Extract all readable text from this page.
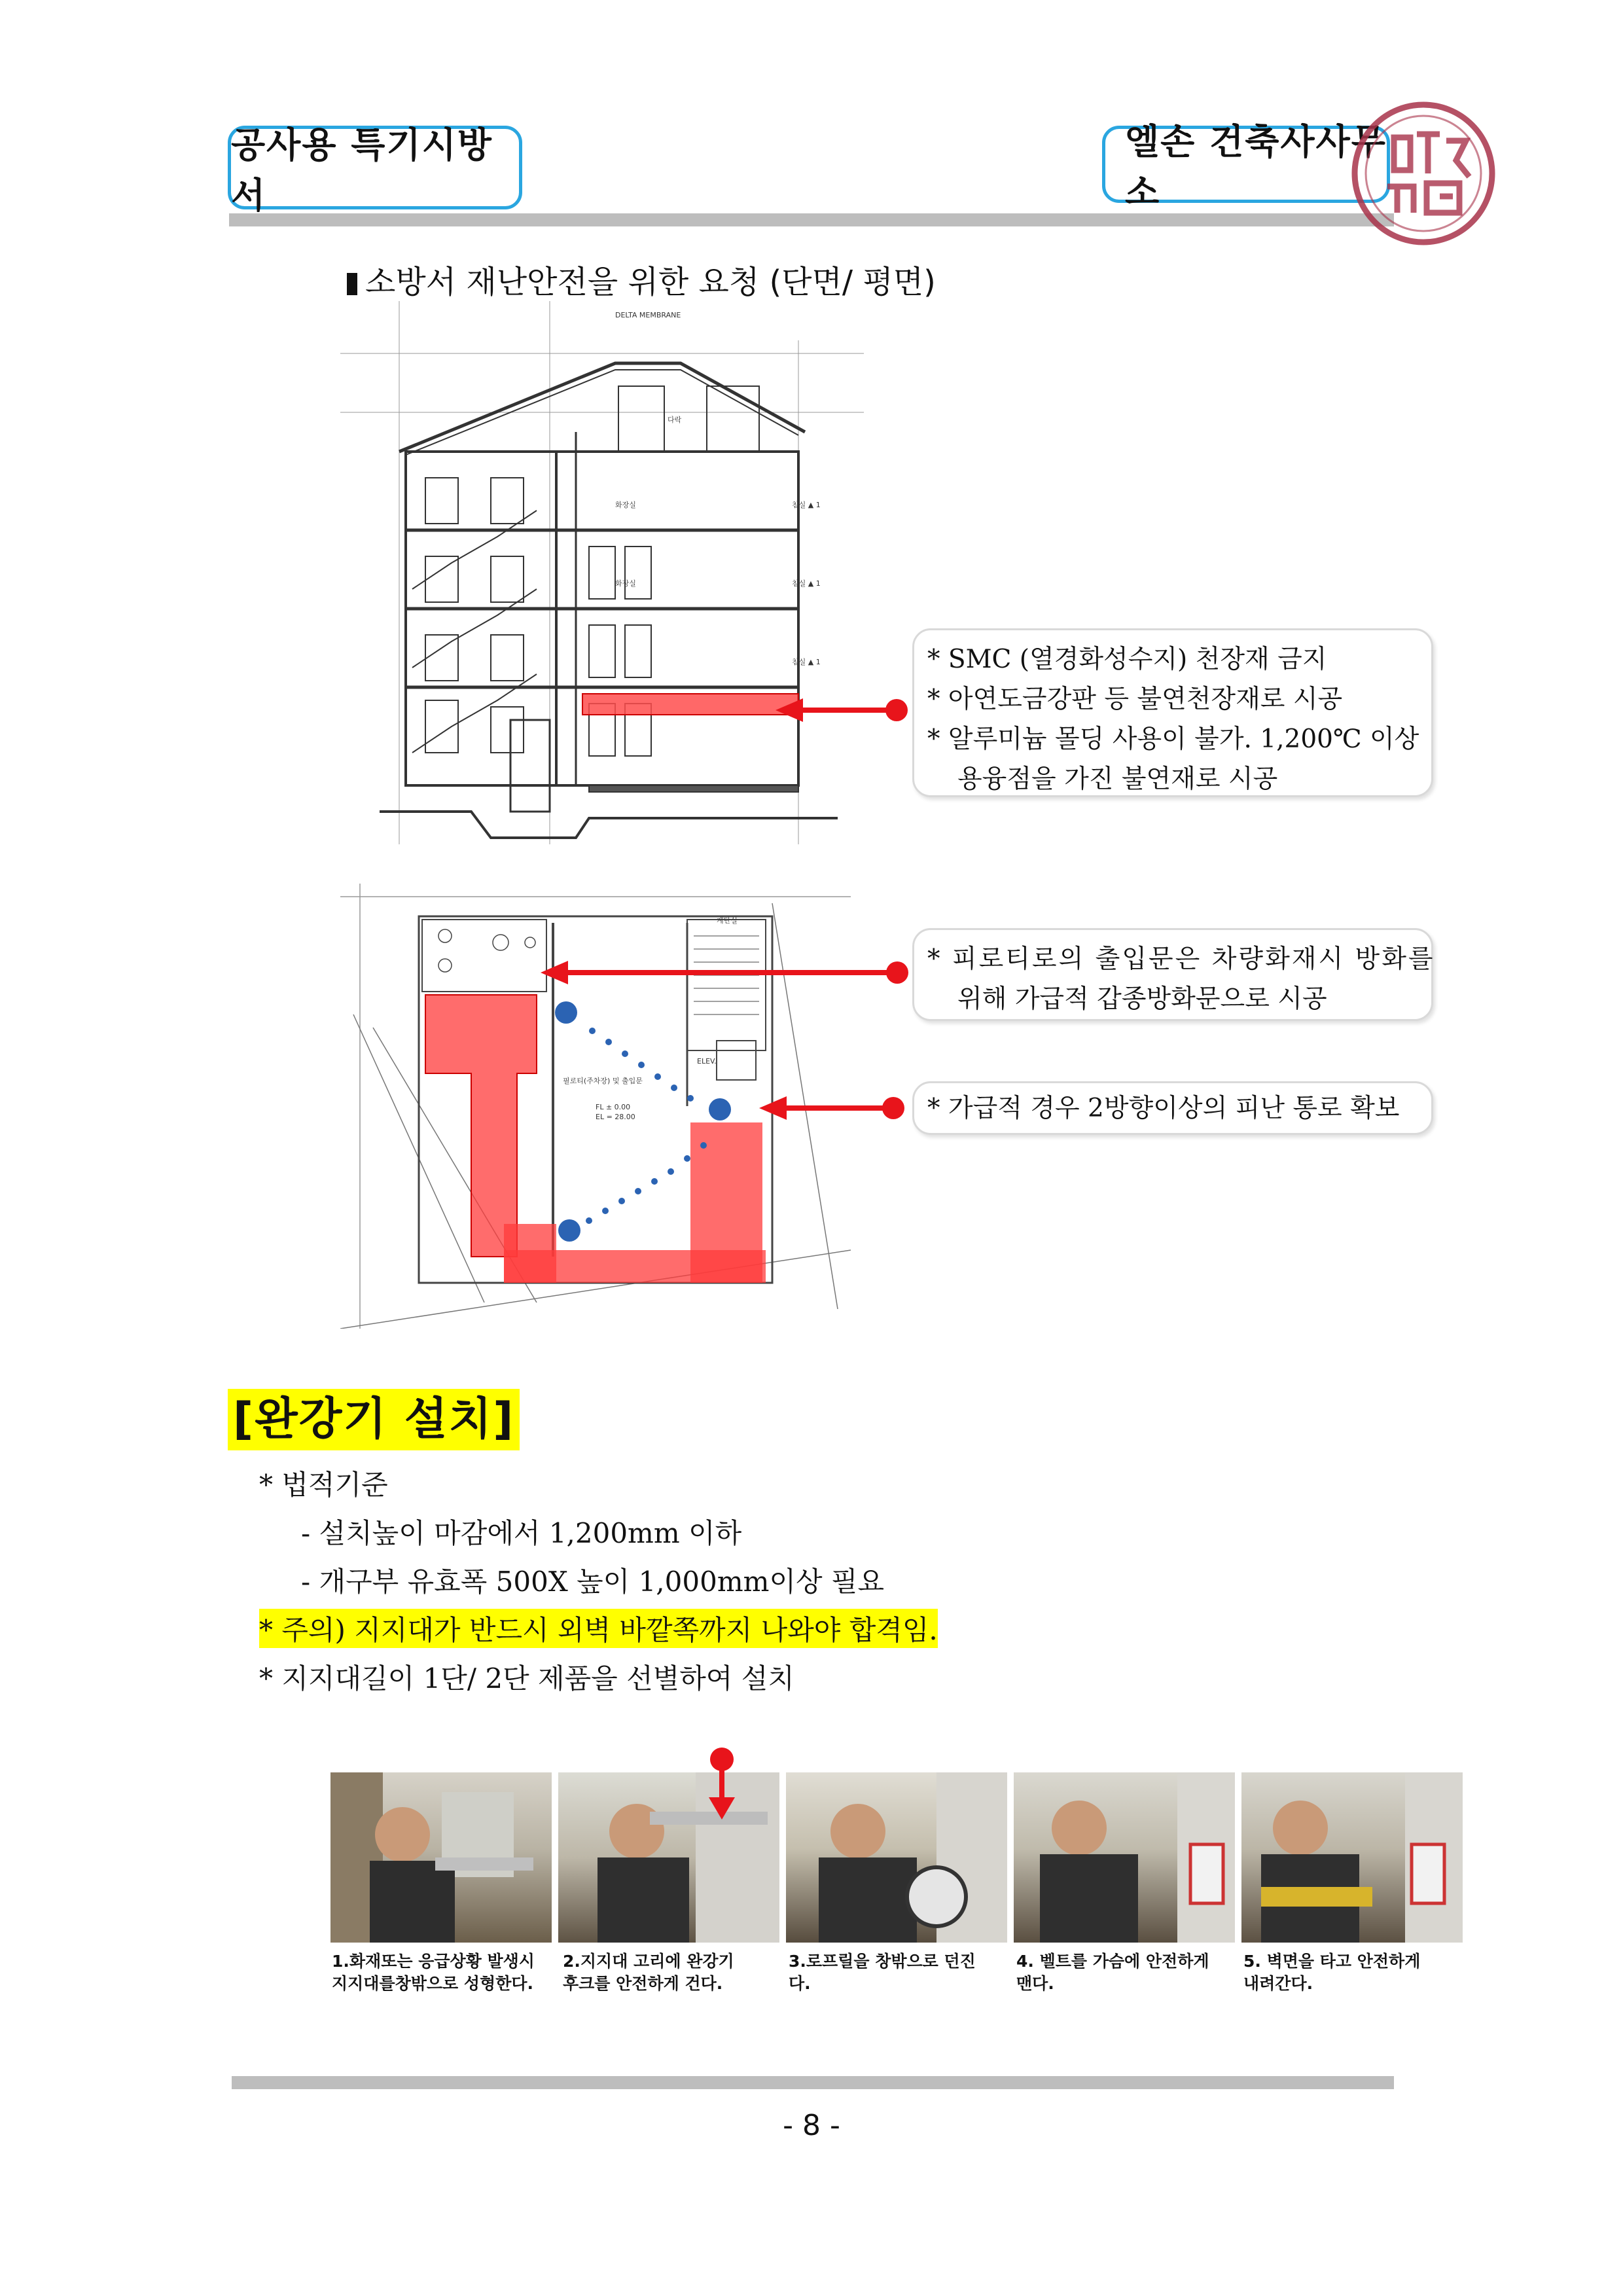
공사용 특기시방서
엘손 건축사사무소
소방서 재난안전을 위한 요청 (단면/ 평면)
DELTA MEMBRANE
다락
화장실	침실 ▲ 1
화장실	침실 ▲ 1
침실 ▲ 1
ELEV.
계단실
필로티(주차장) 및 출입문
FL ± 0.00
EL = 28.00
* SMC (열경화성수지) 천장재 금지
* 아연도금강판 등 불연천장재로 시공
* 알루미늄 몰딩 사용이 불가. 1,200℃ 이상
용융점을 가진 불연재로 시공
* 피로티로의 출입문은 차량화재시 방화를
위해 가급적 갑종방화문으로 시공
* 가급적 경우 2방향이상의 피난 통로 확보
[완강기 설치]
* 법적기준
- 설치높이 마감에서 1,200mm 이하
- 개구부 유효폭 500X 높이 1,000mm이상 필요
* 주의) 지지대가 반드시 외벽 바깥쪽까지 나와야 합격임.
* 지지대길이 1단/ 2단 제품을 선별하여 설치
1.화재또는 응급상황 발생시
지지대를창밖으로 성형한다.
2.지지대 고리에 완강기
후크를 안전하게 건다.
3.로프릴을 창밖으로 던진
다.
4. 벨트를 가슴에 안전하게
맨다.
5. 벽면을 타고 안전하게
내려간다.
- 8 -
